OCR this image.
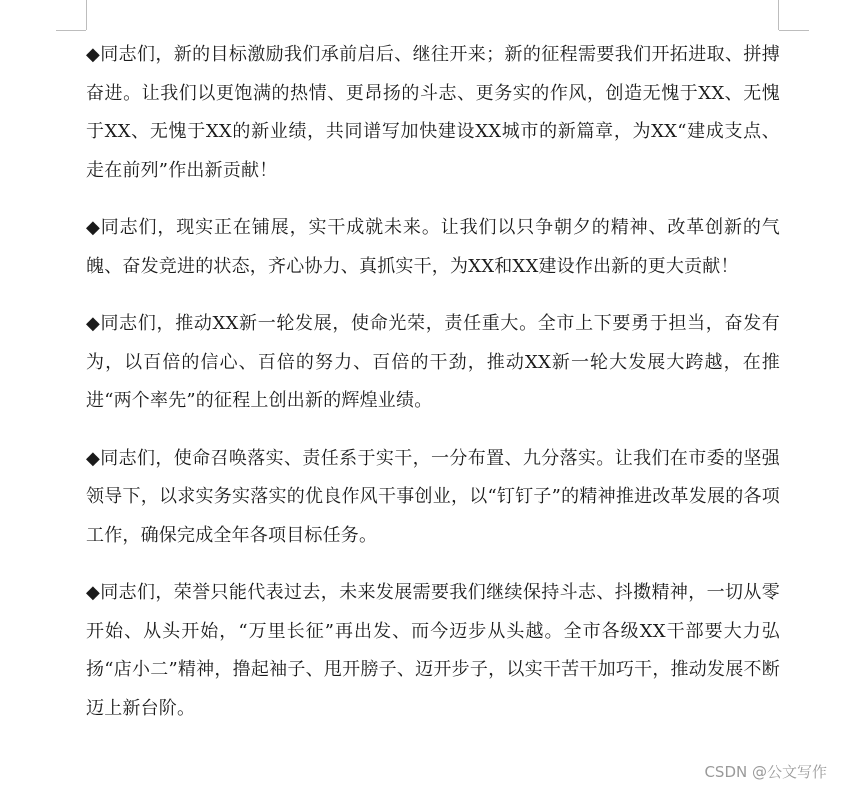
◆同志们，新的目标激励我们承前启后、继往开来；新的征程需要我们开拓进取、拼搏奋进。让我们以更饱满的热情、更昂扬的斗志、更务实的作风，创造无愧于XX、无愧于XX、无愧于XX的新业绩，共同谱写加快建设XX城市的新篇章，为XX“建成支点、走在前列”作出新贡献！

◆同志们，现实正在铺展，实干成就未来。让我们以只争朝夕的精神、改革创新的气魄、奋发竞进的状态，齐心协力、真抓实干，为XX和XX建设作出新的更大贡献！

◆同志们，推动XX新一轮发展，使命光荣，责任重大。全市上下要勇于担当，奋发有为，以百倍的信心、百倍的努力、百倍的干劲，推动XX新一轮大发展大跨越，在推进“两个率先”的征程上创出新的辉煌业绩。

◆同志们，使命召唤落实、责任系于实干，一分布置、九分落实。让我们在市委的坚强领导下，以求实务实落实的优良作风干事创业，以“钉钉子”的精神推进改革发展的各项工作，确保完成全年各项目标任务。

◆同志们，荣誉只能代表过去，未来发展需要我们继续保持斗志、抖擞精神，一切从零开始、从头开始，“万里长征”再出发、而今迈步从头越。全市各级XX干部要大力弘扬“店小二”精神，撸起袖子、甩开膀子、迈开步子，以实干苦干加巧干，推动发展不断迈上新台阶。

CSDN @公文写作
